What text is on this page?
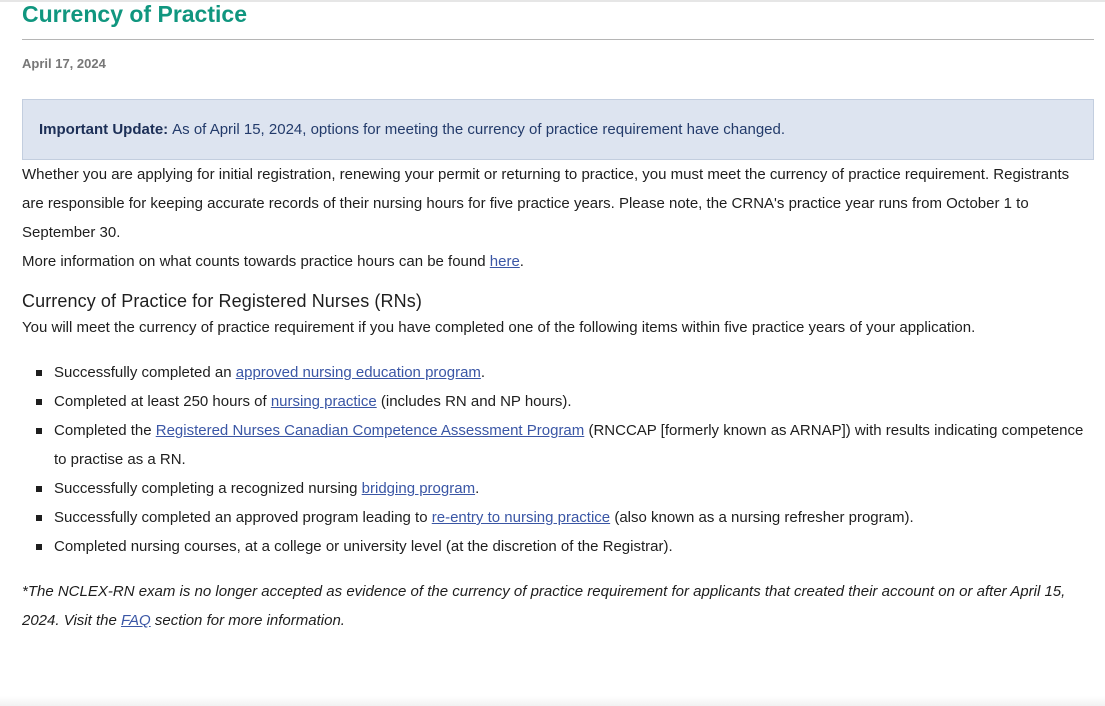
Currency of Practice
April 17, 2024
Important Update: As of April 15, 2024, options for meeting the currency of practice requirement have changed.

Whether you are applying for initial registration, renewing your permit or returning to practice, you must meet the currency of practice requirement. Registrants are responsible for keeping accurate records of their nursing hours for five practice years. Please note, the CRNA's practice year runs from October 1 to September 30.

More information on what counts towards practice hours can be found here.

Currency of Practice for Registered Nurses (RNs)

You will meet the currency of practice requirement if you have completed one of the following items within five practice years of your application.

Successfully completed an approved nursing education program.
Completed at least 250 hours of nursing practice (includes RN and NP hours).
Completed the Registered Nurses Canadian Competence Assessment Program (RNCCAP [formerly known as ARNAP]) with results indicating competence to practise as a RN.
Successfully completing a recognized nursing bridging program.
Successfully completed an approved program leading to re-entry to nursing practice (also known as a nursing refresher program).
Completed nursing courses, at a college or university level (at the discretion of the Registrar).

*The NCLEX-RN exam is no longer accepted as evidence of the currency of practice requirement for applicants that created their account on or after April 15, 2024. Visit the FAQ section for more information.
